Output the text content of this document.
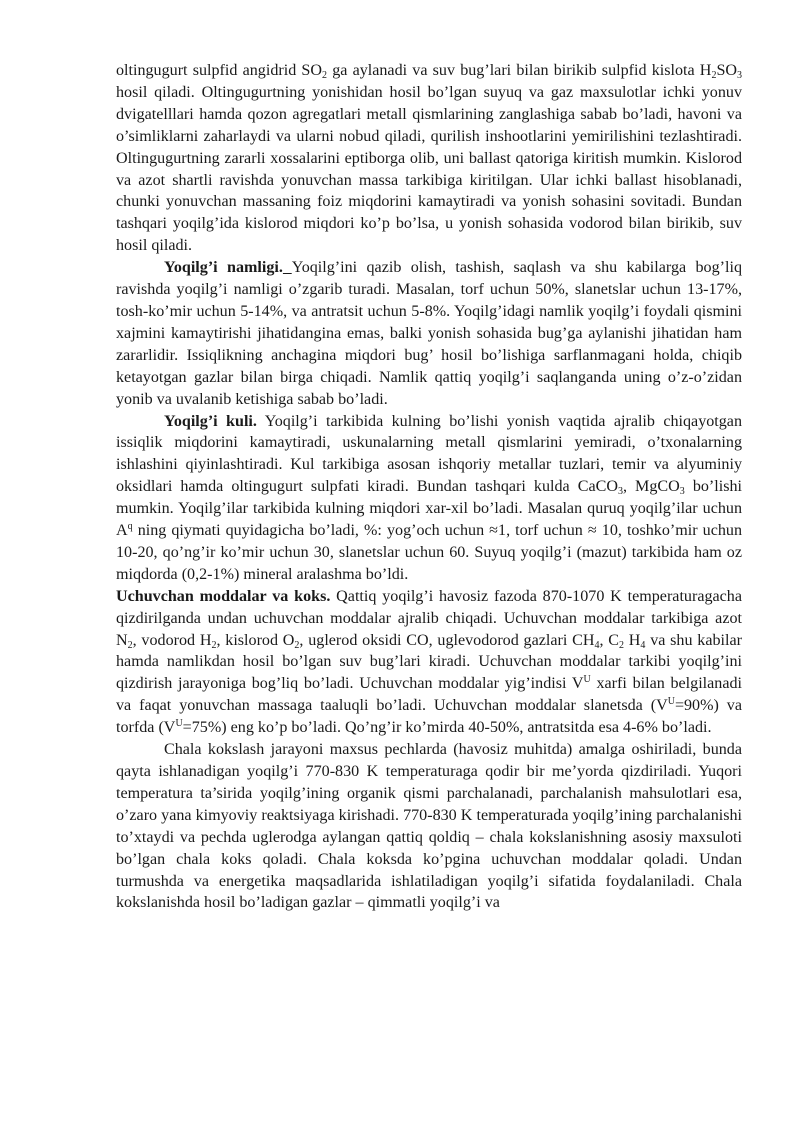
oltingugurt sulpfid angidrid $SO_2$ ga aylanadi va suv bug’lari bilan birikib sulpfid kislota $H_2SO_3$ hosil qiladi. Oltingugurtning yonishidan hosil bo’lgan suyuq va gaz maxsulotlar ichki yonuv dvigatelllari hamda qozon agregatlari metall qismlarining zanglashiga sabab bo’ladi, havoni va o’simliklarni zaharlaydi va ularni nobud qiladi, qurilish inshootlarini yemirilishini tezlashtiradi. Oltingugurtning zararli xossalarini eptiborga olib, uni ballast qatoriga kiritish mumkin. Kislorod va azot shartli ravishda yonuvchan massa tarkibiga kiritilgan. Ular ichki ballast hisoblanadi, chunki yonuvchan massaning foiz miqdorini kamaytiradi va yonish sohasini sovitadi. Bundan tashqari yoqilg’ida kislorod miqdori ko’p bo’lsa, u yonish sohasida vodorod bilan birikib, suv hosil qiladi.

Yoqilg’i namligi. Yoqilg’ini qazib olish, tashish, saqlash va shu kabilarga bog’liq ravishda yoqilg’i namligi o’zgarib turadi. Masalan, torf uchun 50%, slanetslar uchun 13-17%, tosh-ko’mir uchun 5-14%, va antratsit uchun 5-8%. Yoqilg’idagi namlik yoqilg’i foydali qismini xajmini kamaytirishi jihatidangina emas, balki yonish sohasida bug’ga aylanishi jihatidan ham zararlidir. Issiqlikning anchagina miqdori bug’ hosil bo’lishiga sarflanmagani holda, chiqib ketayotgan gazlar bilan birga chiqadi. Namlik qattiq yoqilg’i saqlanganda uning o’z-o’zidan yonib va uvalanib ketishiga sabab bo’ladi.

Yoqilg’i kuli. Yoqilg’i tarkibida kulning bo’lishi yonish vaqtida ajralib chiqayotgan issiqlik miqdorini kamaytiradi, uskunalarning metall qismlarini yemiradi, o’txonalarning ishlashini qiyinlashtiradi. Kul tarkibiga asosan ishqoriy metallar tuzlari, temir va alyuminiy oksidlari hamda oltingugurt sulpfati kiradi. Bundan tashqari kulda CaCO$_3$, MgCO$_3$ bo’lishi mumkin. Yoqilg’ilar tarkibida kulning miqdori xar-xil bo’ladi. Masalan quruq yoqilg’ilar uchun $A^q$ ning qiymati quyidagicha bo’ladi, %: yog’och uchun ≈1, torf uchun ≈ 10, toshko’mir uchun 10-20, qo’ng’ir ko’mir uchun 30, slanetslar uchun 60. Suyuq yoqilg’i (mazut) tarkibida ham oz miqdorda (0,2-1%) mineral aralashma bo’ldi.

Uchuvchan moddalar va koks. Qattiq yoqilg’i havosiz fazoda 870-1070 K temperaturagacha qizdirilganda undan uchuvchan moddalar ajralib chiqadi. Uchuvchan moddalar tarkibiga azot $N_2$, vodorod $H_2$, kislorod $O_2$, uglerod oksidi CO, uglevodorod gazlari $CH_4$, $C_2$ $H_4$ va shu kabilar hamda namlikdan hosil bo’lgan suv bug’lari kiradi. Uchuvchan moddalar tarkibi yoqilg’ini qizdirish jarayoniga bog’liq bo’ladi. Uchuvchan moddalar yig’indisi $V^U$ xarfi bilan belgilanadi va faqat yonuvchan massaga taaluqli bo’ladi. Uchuvchan moddalar slanetsda $(V^U=90\%)$ va torfda $(V^U=75\%)$ eng ko’p bo’ladi. Qo’ng’ir ko’mirda 40-50%, antratsitda esa 4-6% bo’ladi.

Chala kokslash jarayoni maxsus pechlarda (havosiz muhitda) amalga oshiriladi, bunda qayta ishlanadigan yoqilg’i 770-830 K temperaturaga qodir bir me’yorda qizdiriladi. Yuqori temperatura ta’sirida yoqilg’ining organik qismi parchalanadi, parchalanish mahsulotlari esa, o’zaro yana kimyoviy reaktsiyaga kirishadi. 770-830 K temperaturada yoqilg’ining parchalanishi to’xtaydi va pechda uglerodga aylangan qattiq qoldiq – chala kokslanishning asosiy maxsuloti bo’lgan chala koks qoladi. Chala koksda ko’pgina uchuvchan moddalar qoladi. Undan turmushda va energetika maqsadlarida ishlatiladigan yoqilg’i sifatida foydalaniladi. Chala kokslanishda hosil bo’ladigan gazlar – qimmatli yoqilg’i va
